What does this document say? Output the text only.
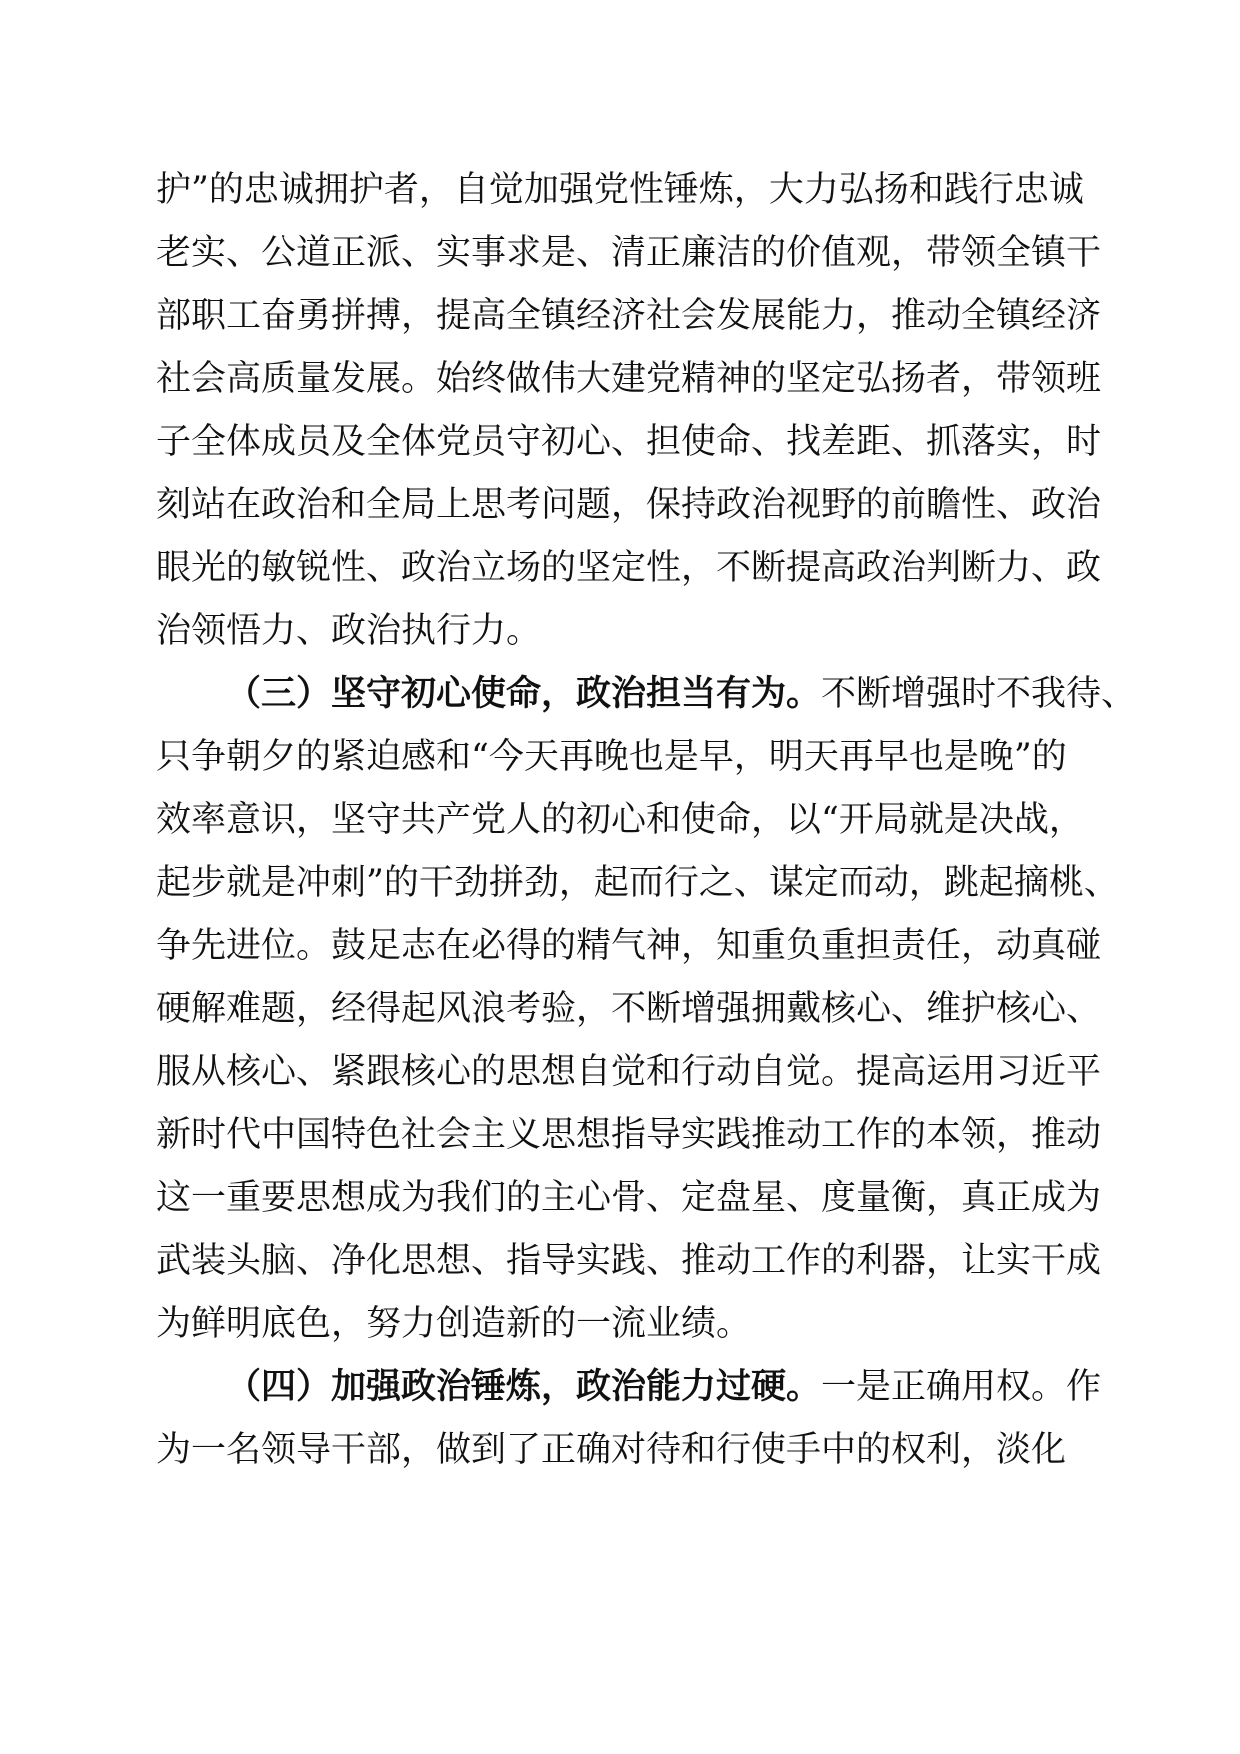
护”的忠诚拥护者，自觉加强党性锤炼，大力弘扬和践行忠诚
老实、公道正派、实事求是、清正廉洁的价值观，带领全镇干
部职工奋勇拼搏，提高全镇经济社会发展能力，推动全镇经济
社会高质量发展。始终做伟大建党精神的坚定弘扬者，带领班
子全体成员及全体党员守初心、担使命、找差距、抓落实，时
刻站在政治和全局上思考问题，保持政治视野的前瞻性、政治
眼光的敏锐性、政治立场的坚定性，不断提高政治判断力、政
治领悟力、政治执行力。
（三）坚守初心使命，政治担当有为。不断增强时不我待、
只争朝夕的紧迫感和“今天再晚也是早，明天再早也是晚”的
效率意识，坚守共产党人的初心和使命，以“开局就是决战，
起步就是冲刺”的干劲拼劲，起而行之、谋定而动，跳起摘桃、
争先进位。鼓足志在必得的精气神，知重负重担责任，动真碰
硬解难题，经得起风浪考验，不断增强拥戴核心、维护核心、
服从核心、紧跟核心的思想自觉和行动自觉。提高运用习近平
新时代中国特色社会主义思想指导实践推动工作的本领，推动
这一重要思想成为我们的主心骨、定盘星、度量衡，真正成为
武装头脑、净化思想、指导实践、推动工作的利器，让实干成
为鲜明底色，努力创造新的一流业绩。
（四）加强政治锤炼，政治能力过硬。一是正确用权。作
为一名领导干部，做到了正确对待和行使手中的权利，淡化
